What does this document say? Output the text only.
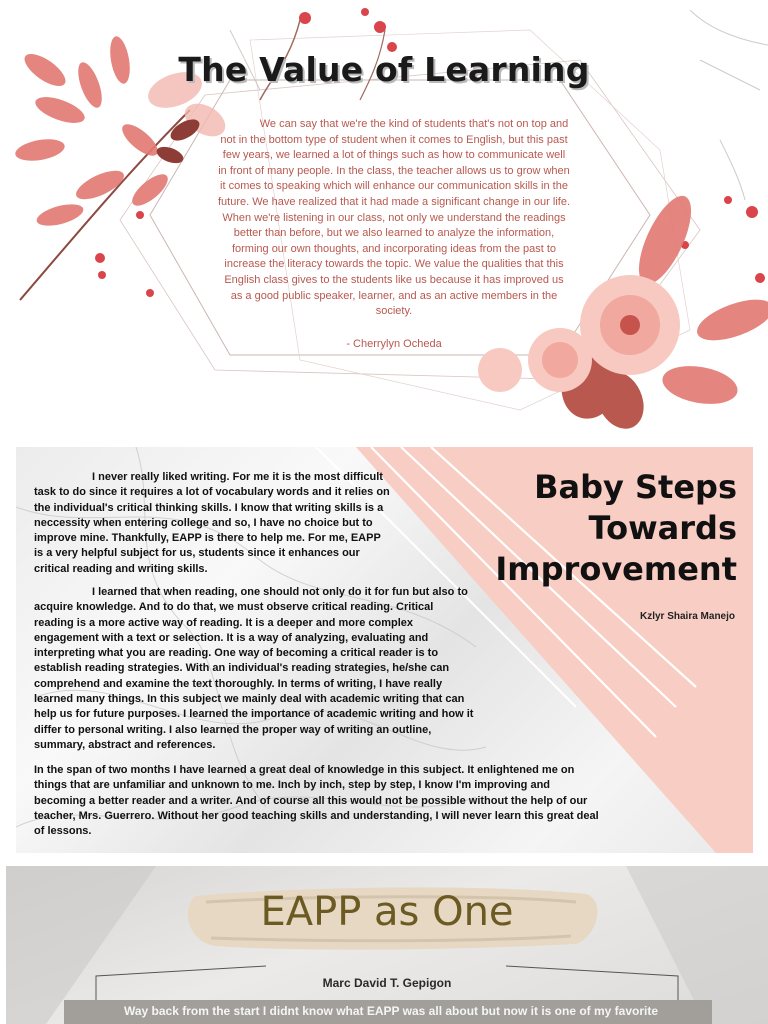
The Value of Learning

We can say that we're the kind of students that's not on top and not in the bottom type of student when it comes to English, but this past few years, we learned a lot of things such as how to communicate well in front of many people. In the class, the teacher allows us to grow when it comes to speaking which will enhance our communication skills in the future. We have realized that it had made a significant change in our life. When we're listening in our class, not only we understand the readings better than before, but we also learned to analyze the information, forming our own thoughts, and incorporating ideas from the past to increase the literacy towards the topic. We value the qualities that this English class gives to the students like us because it has improved us as a good public speaker, learner, and as an active members in the society.

- Cherrylyn Ocheda
Baby Steps
Towards
Improvement
Kzlyr Shaira Manejo

I never really liked writing. For me it is the most difficult task to do since it requires a lot of vocabulary words and it relies on the individual's critical thinking skills. I know that writing skills is a neccessity when entering college and so, I have no choice but to improve mine. Thankfully, EAPP is there to help me. For me, EAPP is a very helpful subject for us, students since it enhances our critical reading and writing skills.

I learned that when reading, one should not only do it for fun but also to acquire knowledge. And to do that, we must observe critical reading. Critical reading is a more active way of reading. It is a deeper and more complex engagement with a text or selection. It is a way of analyzing, evaluating and interpreting what you are reading. One way of becoming a critical reader is to establish reading strategies. With an individual's reading strategies, he/she can comprehend and examine the text thoroughly. In terms of writing, I have really learned many things. In this subject we mainly deal with academic writing that can help us for future purposes. I learned the importance of academic writing and how it differ to personal writing. I also learned the proper way of writing an outline, summary, abstract and references.

In the span of two months I have learned a great deal of knowledge in this subject. It enlightened me on things that are unfamiliar and unknown to me. Inch by inch, step by step, I know I'm improving and becoming a better reader and a writer. And of course all this would not be possible without the help of our teacher, Mrs. Guerrero. Without her good teaching skills and understanding, I will never learn this great deal of lessons.

EAPP as One
Marc David T. Gepigon
Way back from the start I didnt know what EAPP was all about but now it is one of my favorite
